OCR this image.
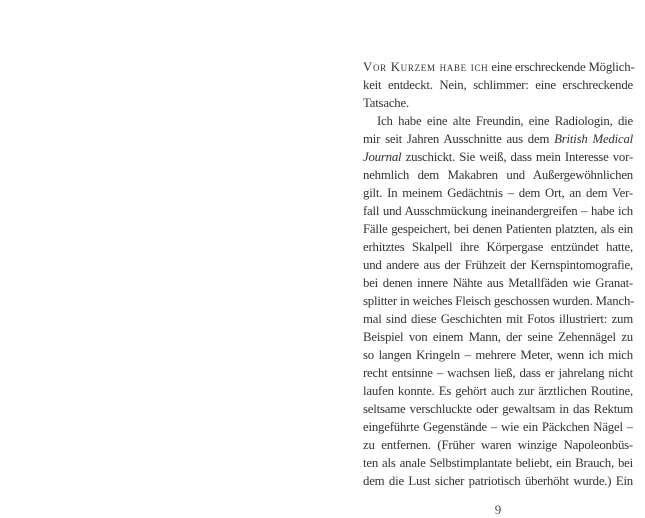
Vor Kurzem habe ich eine erschreckende Möglich-
keit entdeckt. Nein, schlimmer: eine erschreckende
Tatsache.
Ich habe eine alte Freundin, eine Radiologin, die
mir seit Jahren Ausschnitte aus dem British Medical
Journal zuschickt. Sie weiß, dass mein Interesse vor-
nehmlich dem Makabren und Außergewöhnlichen
gilt. In meinem Gedächtnis – dem Ort, an dem Ver-
fall und Ausschmückung ineinandergreifen – habe ich
Fälle gespeichert, bei denen Patienten platzten, als ein
erhitztes Skalpell ihre Körpergase entzündet hatte,
und andere aus der Frühzeit der Kernspintomografie,
bei denen innere Nähte aus Metallfäden wie Granat-
splitter in weiches Fleisch geschossen wurden. Manch-
mal sind diese Geschichten mit Fotos illustriert: zum
Beispiel von einem Mann, der seine Zehennägel zu
so langen Kringeln – mehrere Meter, wenn ich mich
recht entsinne – wachsen ließ, dass er jahrelang nicht
laufen konnte. Es gehört auch zur ärztlichen Routine,
seltsame verschluckte oder gewaltsam in das Rektum
eingeführte Gegenstände – wie ein Päckchen Nägel –
zu entfernen. (Früher waren winzige Napoleonbüs-
ten als anale Selbstimplantate beliebt, ein Brauch, bei
dem die Lust sicher patriotisch überhöht wurde.) Ein
9
